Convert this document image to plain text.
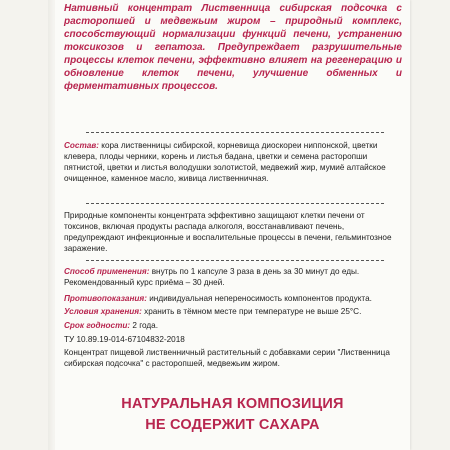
Нативный концентрат Лиственница сибирская подсочка с расторопшей и медвежьим жиром – природный комплекс, способствующий нормализации функций печени, устранению токсикозов и гепатоза. Предупреждает разрушительные процессы клеток печени, эффективно влияет на регенерацию и обновление клеток печени, улучшение обменных и ферментативных процессов.
Состав: кора лиственницы сибирской, корневища диоскореи ниппонской, цветки клевера, плоды черники, корень и листья бадана, цветки и семена расторопши пятнистой, цветки и листья володушки золотистой, медвежий жир, мумиё алтайское очищенное, каменное масло, живица лиственничная.
Природные компоненты концентрата эффективно защищают клетки печени от токсинов, включая продукты распада алкоголя, восстанавливают печень, предупреждают инфекционные и воспалительные процессы в печени, гельминтозное заражение.
Способ применения: внутрь по 1 капсуле 3 раза в день за 30 минут до еды.
Рекомендованный курс приёма – 30 дней.
Противопоказания: индивидуальная непереносимость компонентов продукта.
Условия хранения: хранить в тёмном месте при температуре не выше 25°С.
Срок годности: 2 года.
ТУ 10.89.19-014-67104832-2018
Концентрат пищевой лиственничный растительный с добавками серии "Лиственница сибирская подсочка" с расторопшей, медвежьим жиром.
НАТУРАЛЬНАЯ КОМПОЗИЦИЯ
НЕ СОДЕРЖИТ САХАРА
